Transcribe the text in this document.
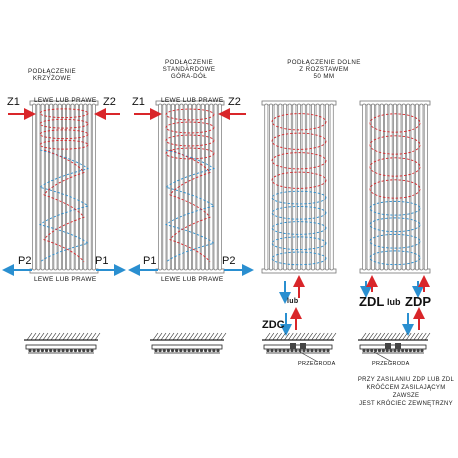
PODŁĄCZENIE
KRZYŻOWE
PODŁĄCZENIE
STANDARDOWE
GÓRA-DÓŁ
PODŁĄCZENIE DOLNE
Z ROZSTAWEM
50 MM
Z1	Z2 Z1	Z2
P2	P1	P1	P2
LEWE LUB PRAWE
LEWE LUB PRAWE
LEWE LUB PRAWE
LEWE LUB PRAWE
lub
ZDC
ZDL lub ZDP
PRZEGRODA	PRZEGRODA
PRZY ZASILANIU ZDP LUB ZDL
KRÓĆCEM ZASILAJĄCYM ZAWSZE
JEST KRÓCIEC ZEWNĘTRZNY
